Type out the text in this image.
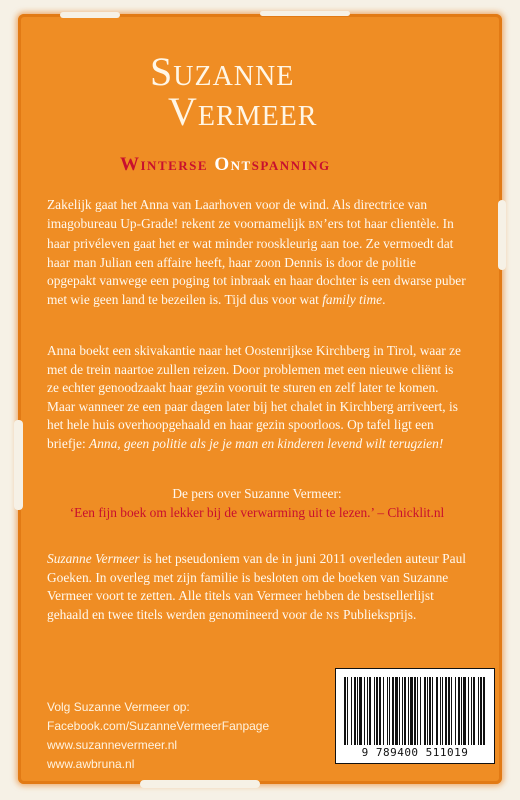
Suzanne
Vermeer
Winterse Ontspanning
Zakelijk gaat het Anna van Laarhoven voor de wind. Als directrice van imagobureau Up-Grade! rekent ze voornamelijk BN’ers tot haar clientèle. In haar privéleven gaat het er wat minder rooskleurig aan toe. Ze vermoedt dat haar man Julian een affaire heeft, haar zoon Dennis is door de politie opgepakt vanwege een poging tot inbraak en haar dochter is een dwarse puber met wie geen land te bezeilen is. Tijd dus voor wat family time.
Anna boekt een skivakantie naar het Oostenrijkse Kirchberg in Tirol, waar ze met de trein naartoe zullen reizen. Door problemen met een nieuwe cliënt is ze echter genoodzaakt haar gezin vooruit te sturen en zelf later te komen. Maar wanneer ze een paar dagen later bij het chalet in Kirchberg arriveert, is het hele huis overhoopgehaald en haar gezin spoorloos. Op tafel ligt een briefje: Anna, geen politie als je je man en kinderen levend wilt terugzien!
De pers over Suzanne Vermeer:
‘Een fijn boek om lekker bij de verwarming uit te lezen.’ – Chicklit.nl
Suzanne Vermeer is het pseudoniem van de in juni 2011 overleden auteur Paul Goeken. In overleg met zijn familie is besloten om de boeken van Suzanne Vermeer voort te zetten. Alle titels van Vermeer hebben de bestsellerlijst gehaald en twee titels werden genomineerd voor de NS Publieksprijs.
Volg Suzanne Vermeer op:
Facebook.com/SuzanneVermeerFanpage
www.suzannevermeer.nl
www.awbruna.nl
9 789400 511019
